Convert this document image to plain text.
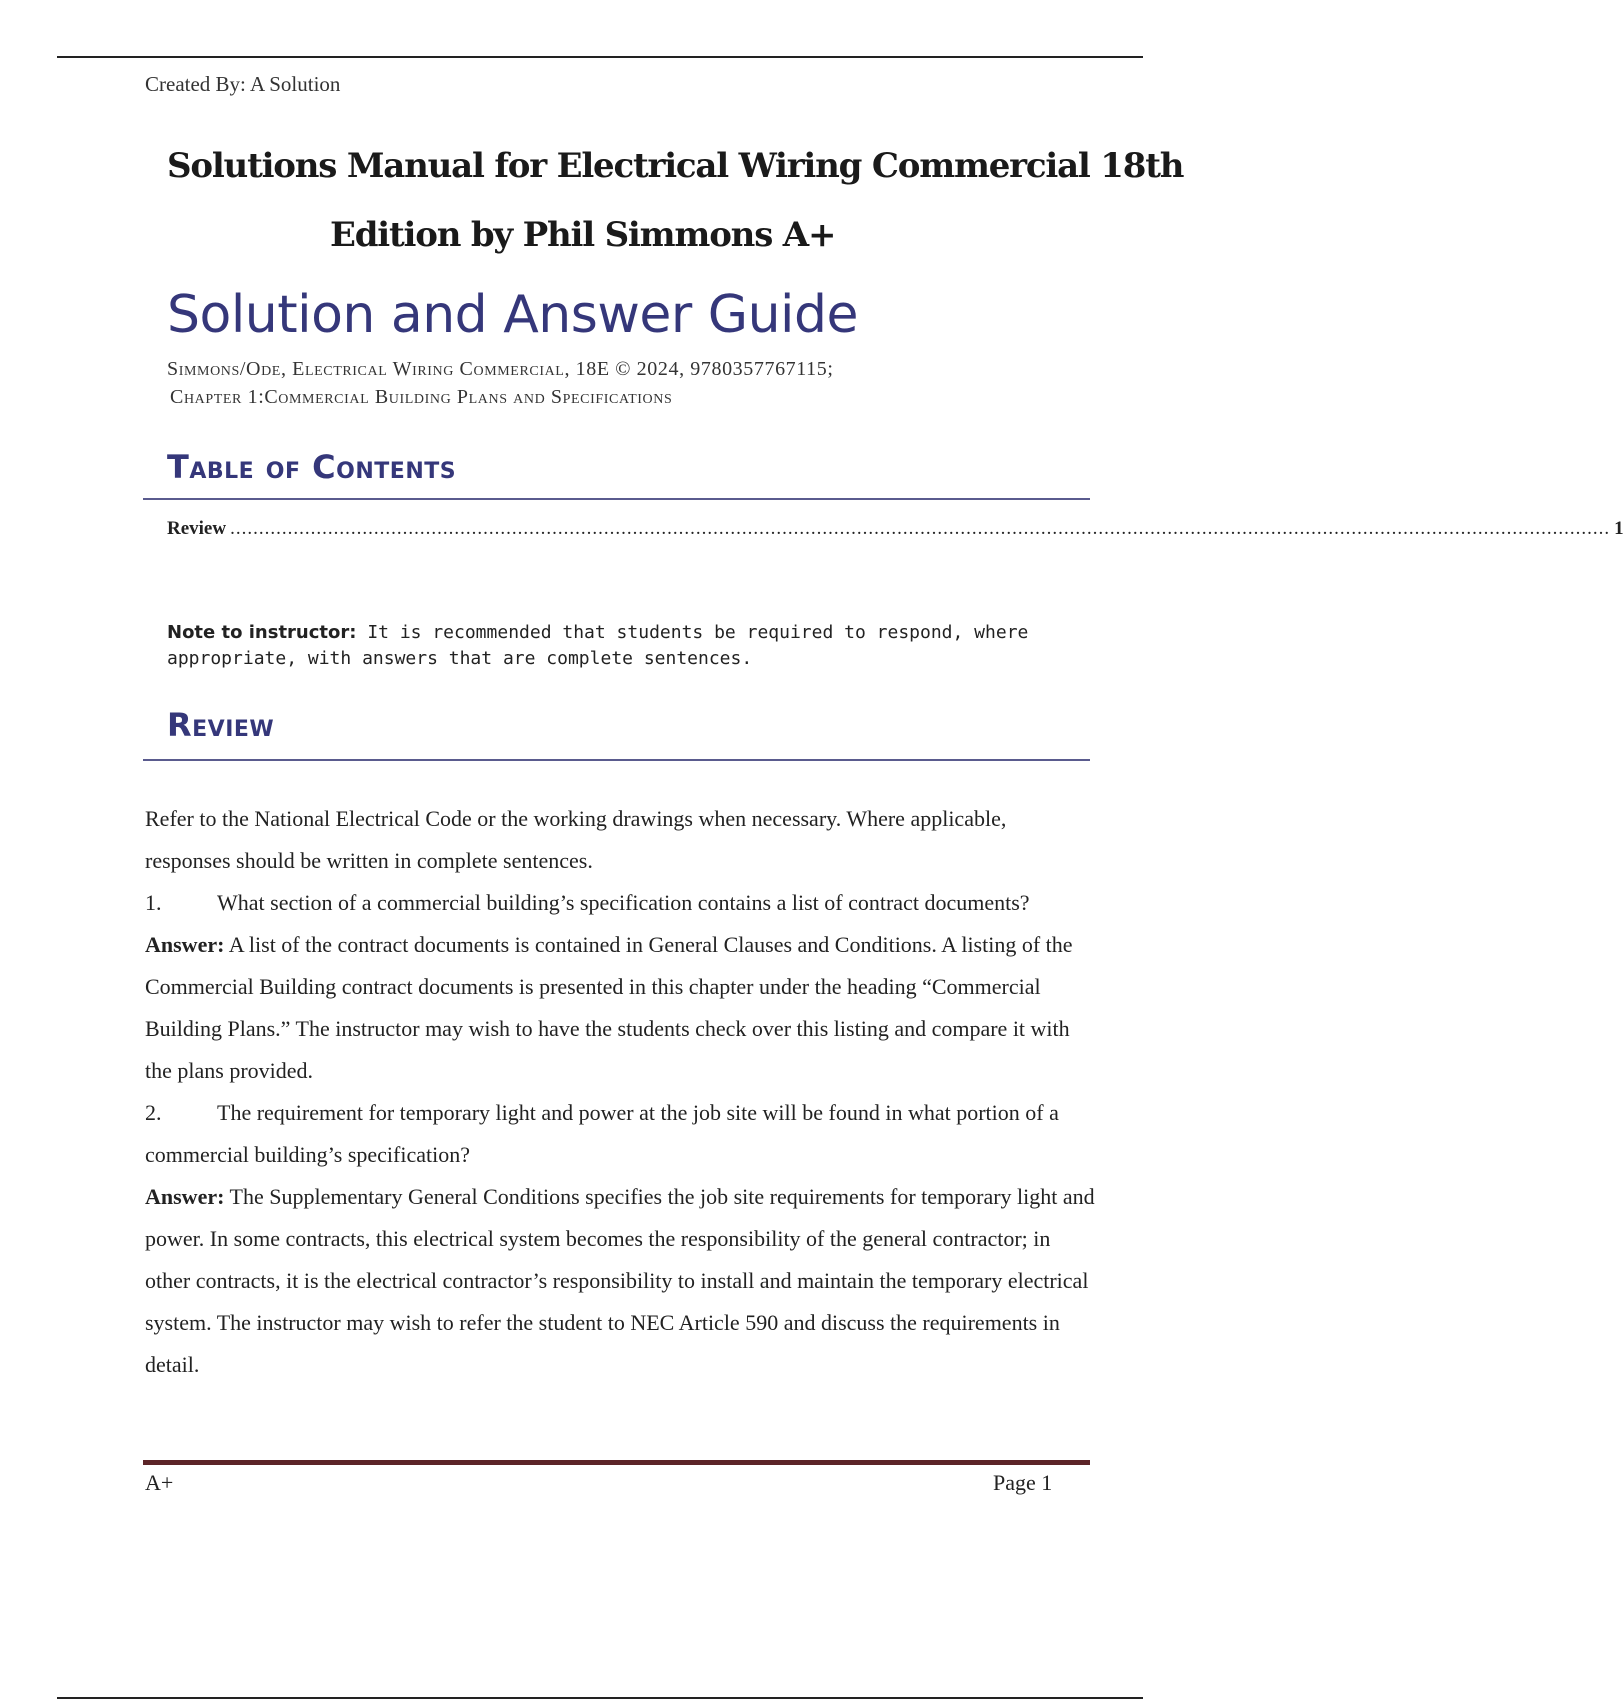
Created By: A Solution
Solutions Manual for Electrical Wiring Commercial 18th
Edition by Phil Simmons A+
Solution and Answer Guide
Simmons/Ode, Electrical Wiring Commercial, 18E © 2024, 9780357767115;
Chapter 1:Commercial Building Plans and Specifications
Table of Contents
Review ................................................................................................................................................................................................................................................ 1
Note to instructor: It is recommended that students be required to respond, where appropriate, with answers that are complete sentences.
Review

Refer to the National Electrical Code or the working drawings when necessary. Where applicable, responses should be written in complete sentences.

1.	What section of a commercial building’s specification contains a list of contract documents?

Answer: A list of the contract documents is contained in General Clauses and Conditions. A listing of the Commercial Building contract documents is presented in this chapter under the heading “Commercial Building Plans.” The instructor may wish to have the students check over this listing and compare it with the plans provided.

2.	The requirement for temporary light and power at the job site will be found in what portion of a commercial building’s specification?

Answer: The Supplementary General Conditions specifies the job site requirements for temporary light and power. In some contracts, this electrical system becomes the responsibility of the general contractor; in other contracts, it is the electrical contractor’s responsibility to install and maintain the temporary electrical system. The instructor may wish to refer the student to NEC Article 590 and discuss the requirements in detail.

A+	Page 1
